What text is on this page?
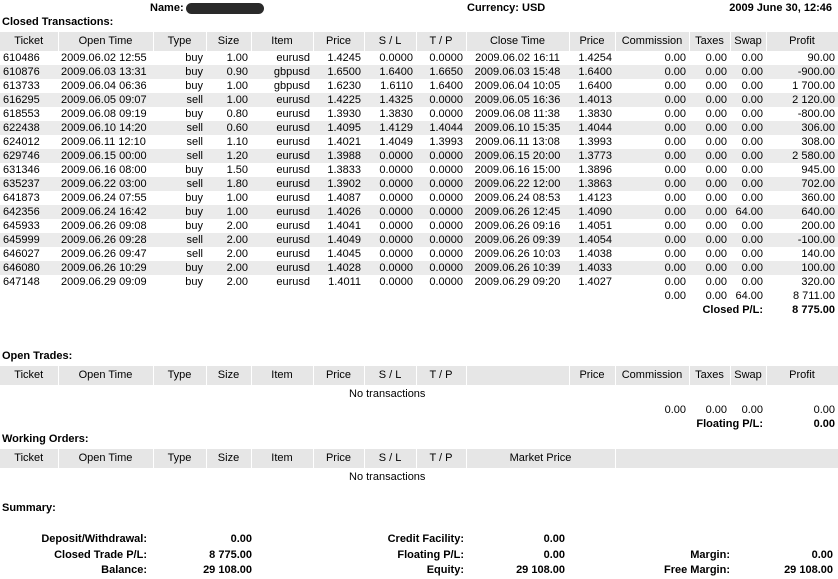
Name:	Currency: USD	2009 June 30, 12:46
Closed Transactions:
Ticket	Open Time	Type	Size	Item	Price	S / L	T / P	Close Time	Price	Commission	Taxes	Swap	Profit
610486	2009.06.02 12:55	buy	1.00	eurusd	1.4245	0.0000	0.0000	2009.06.02 16:11	1.4254	0.00	0.00	0.00	90.00
610876	2009.06.03 13:31	buy	0.90	gbpusd	1.6500	1.6400	1.6650	2009.06.03 15:48	1.6400	0.00	0.00	0.00	-900.00
613733	2009.06.04 06:36	buy	1.00	gbpusd	1.6230	1.6110	1.6400	2009.06.04 10:05	1.6400	0.00	0.00	0.00	1 700.00
616295	2009.06.05 09:07	sell	1.00	eurusd	1.4225	1.4325	0.0000	2009.06.05 16:36	1.4013	0.00	0.00	0.00	2 120.00
618553	2009.06.08 09:19	buy	0.80	eurusd	1.3930	1.3830	0.0000	2009.06.08 11:38	1.3830	0.00	0.00	0.00	-800.00
622438	2009.06.10 14:20	sell	0.60	eurusd	1.4095	1.4129	1.4044	2009.06.10 15:35	1.4044	0.00	0.00	0.00	306.00
624012	2009.06.11 12:10	sell	1.10	eurusd	1.4021	1.4049	1.3993	2009.06.11 13:08	1.3993	0.00	0.00	0.00	308.00
629746	2009.06.15 00:00	sell	1.20	eurusd	1.3988	0.0000	0.0000	2009.06.15 20:00	1.3773	0.00	0.00	0.00	2 580.00
631346	2009.06.16 08:00	buy	1.50	eurusd	1.3833	0.0000	0.0000	2009.06.16 15:00	1.3896	0.00	0.00	0.00	945.00
635237	2009.06.22 03:00	sell	1.80	eurusd	1.3902	0.0000	0.0000	2009.06.22 12:00	1.3863	0.00	0.00	0.00	702.00
641873	2009.06.24 07:55	buy	1.00	eurusd	1.4087	0.0000	0.0000	2009.06.24 08:53	1.4123	0.00	0.00	0.00	360.00
642356	2009.06.24 16:42	buy	1.00	eurusd	1.4026	0.0000	0.0000	2009.06.26 12:45	1.4090	0.00	0.00	64.00	640.00
645933	2009.06.26 09:08	buy	2.00	eurusd	1.4041	0.0000	0.0000	2009.06.26 09:16	1.4051	0.00	0.00	0.00	200.00
645999	2009.06.26 09:28	sell	2.00	eurusd	1.4049	0.0000	0.0000	2009.06.26 09:39	1.4054	0.00	0.00	0.00	-100.00
646027	2009.06.26 09:47	sell	2.00	eurusd	1.4045	0.0000	0.0000	2009.06.26 10:03	1.4038	0.00	0.00	0.00	140.00
646080	2009.06.26 10:29	buy	2.00	eurusd	1.4028	0.0000	0.0000	2009.06.26 10:39	1.4033	0.00	0.00	0.00	100.00
647148	2009.06.29 09:09	buy	2.00	eurusd	1.4011	0.0000	0.0000	2009.06.29 09:20	1.4027	0.00	0.00	0.00	320.00
										0.00	0.00	64.00	8 711.00
										Closed P/L:			8 775.00
Open Trades:
Ticket	Open Time	Type	Size	Item	Price	S / L	T / P		Price	Commission	Taxes	Swap	Profit
No transactions													
										0.00	0.00	0.00	0.00
										Floating P/L:			0.00
Working Orders:
Ticket	Open Time	Type	Size	Item	Price	S / L	T / P	Market Price	
No transactions
Summary:
Deposit/Withdrawal:	0.00
Closed Trade P/L:	8 775.00
Balance:	29 108.00
Credit Facility:	0.00
Floating P/L:	0.00
Equity:	29 108.00
Margin:	0.00
Free Margin:	29 108.00
